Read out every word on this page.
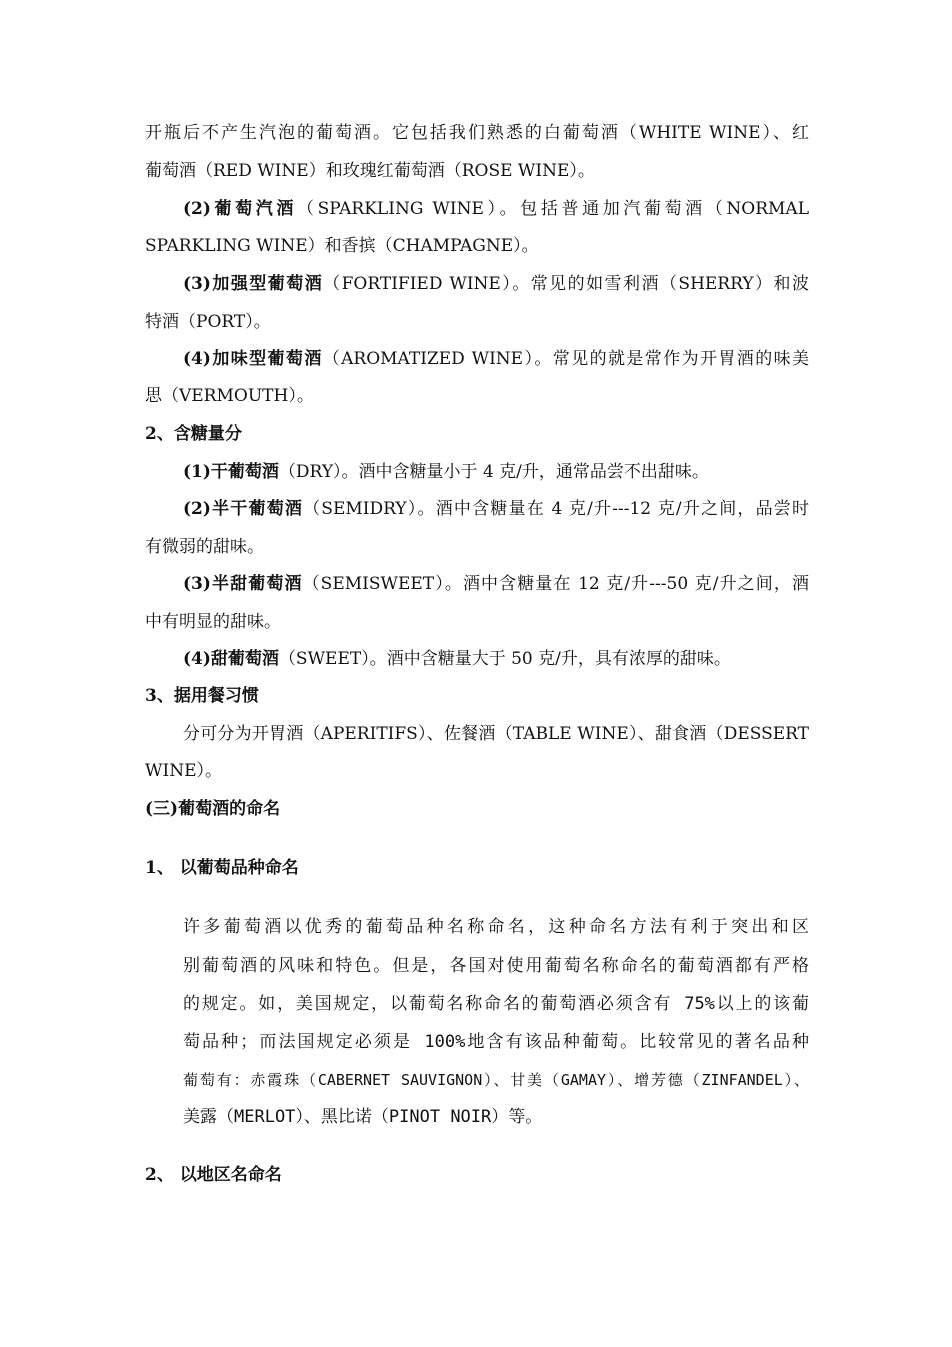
开瓶后不产生汽泡的葡萄酒。它包括我们熟悉的白葡萄酒（WHITE WINE）、红
葡萄酒（RED WINE）和玫瑰红葡萄酒（ROSE WINE）。
(2)葡萄汽酒（SPARKLING WINE）。包括普通加汽葡萄酒（NORMAL
SPARKLING WINE）和香摈（CHAMPAGNE）。
(3)加强型葡萄酒（FORTIFIED WINE）。常见的如雪利酒（SHERRY）和波
特酒（PORT）。
(4)加味型葡萄酒（AROMATIZED WINE）。常见的就是常作为开胃酒的味美
思（VERMOUTH）。
2、含糖量分
(1)干葡萄酒（DRY）。酒中含糖量小于 4 克/升，通常品尝不出甜味。
(2)半干葡萄酒（SEMIDRY）。酒中含糖量在 4 克/升---12 克/升之间，品尝时
有微弱的甜味。
(3)半甜葡萄酒（SEMISWEET）。酒中含糖量在 12 克/升---50 克/升之间，酒
中有明显的甜味。
(4)甜葡萄酒（SWEET）。酒中含糖量大于 50 克/升，具有浓厚的甜味。
3、据用餐习惯
分可分为开胃酒（APERITIFS）、佐餐酒（TABLE WINE）、甜食酒（DESSERT
WINE）。
(三)葡萄酒的命名
1、 以葡萄品种命名
许多葡萄酒以优秀的葡萄品种名称命名，这种命名方法有利于突出和区
别葡萄酒的风味和特色。但是，各国对使用葡萄名称命名的葡萄酒都有严格
的规定。如，美国规定，以葡萄名称命名的葡萄酒必须含有 75%以上的该葡
萄品种；而法国规定必须是 100%地含有该品种葡萄。比较常见的著名品种
葡萄有：赤霞珠（CABERNET SAUVIGNON）、甘美（GAMAY）、增芳德（ZINFANDEL）、
美露（MERLOT）、黑比诺（PINOT NOIR）等。
2、 以地区名命名
